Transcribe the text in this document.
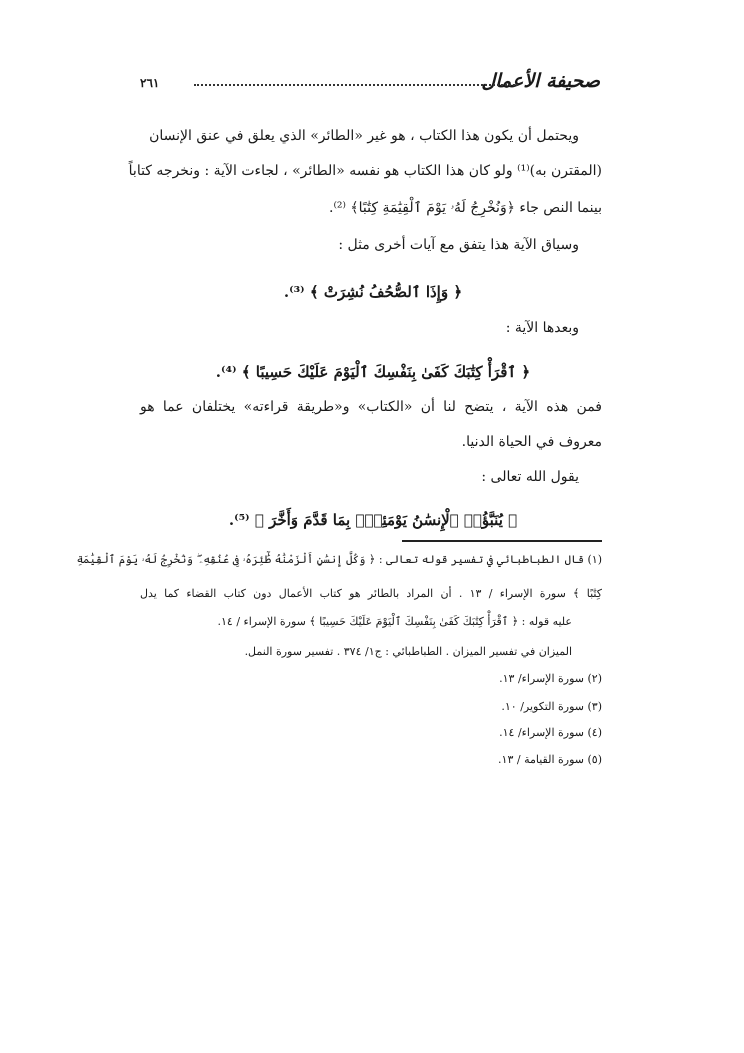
صحيفة الأعمال
٢٦١
ويحتمل أن يكون هذا الكتاب ، هو غير «الطائر» الذي يعلق في عنق الإنسان
(المقترن به)⁽¹⁾ ولو كان هذا الكتاب هو نفسه «الطائر» ، لجاءت الآية : ونخرجه كتاباً
بينما النص جاء ﴿وَنُخْرِجُ لَهُۥ يَوْمَ ٱلْقِيَٰمَةِ كِتَٰبًا﴾ ⁽²⁾.
وسياق الآية هذا يتفق مع آيات أخرى مثل :
﴿ وَإِذَا ٱلصُّحُفُ نُشِرَتْ ﴾ ⁽³⁾.
وبعدها الآية :
﴿ ٱقْرَأْ كِتَٰبَكَ كَفَىٰ بِنَفْسِكَ ٱلْيَوْمَ عَلَيْكَ حَسِيبًا ﴾ ⁽⁴⁾.
فمن هذه الآية ، يتضح لنا أن «الكتاب» و«طريقة قراءته» يختلفان عما هو
معروف في الحياة الدنيا.
يقول الله تعالى :
﴿ يُنَبَّؤُا۟ ٱلْإِنسَٰنُ يَوْمَئِذٍۭ بِمَا قَدَّمَ وَأَخَّرَ ﴾ ⁽⁵⁾.
(١) قال الطباطبائي في تفسير قوله تعالى : ﴿ وَكُلَّ إِنسَٰنٍ أَلْزَمْنَٰهُ طَٰٓئِرَهُۥ فِى عُنُقِهِۦ ۖ وَنُخْرِجُ لَهُۥ يَوْمَ ٱلْقِيَٰمَةِ
كِتَٰبًا ﴾ سورة الإسراء / ١٣ . أن المراد بالطائر هو كتاب الأعمال دون كتاب القضاء كما يدل
عليه قوله : ﴿ ٱقْرَأْ كِتَٰبَكَ كَفَىٰ بِنَفْسِكَ ٱلْيَوْمَ عَلَيْكَ حَسِيبًا ﴾ سورة الإسراء / ١٤.
الميزان في تفسير الميزان . الطباطبائي : ج١/ ٣٧٤ . تفسير سورة النمل.
(٢) سورة الإسراء/ ١٣.
(٣) سورة التكوير/ ١٠.
(٤) سورة الإسراء/ ١٤.
(٥) سورة القيامة / ١٣.
